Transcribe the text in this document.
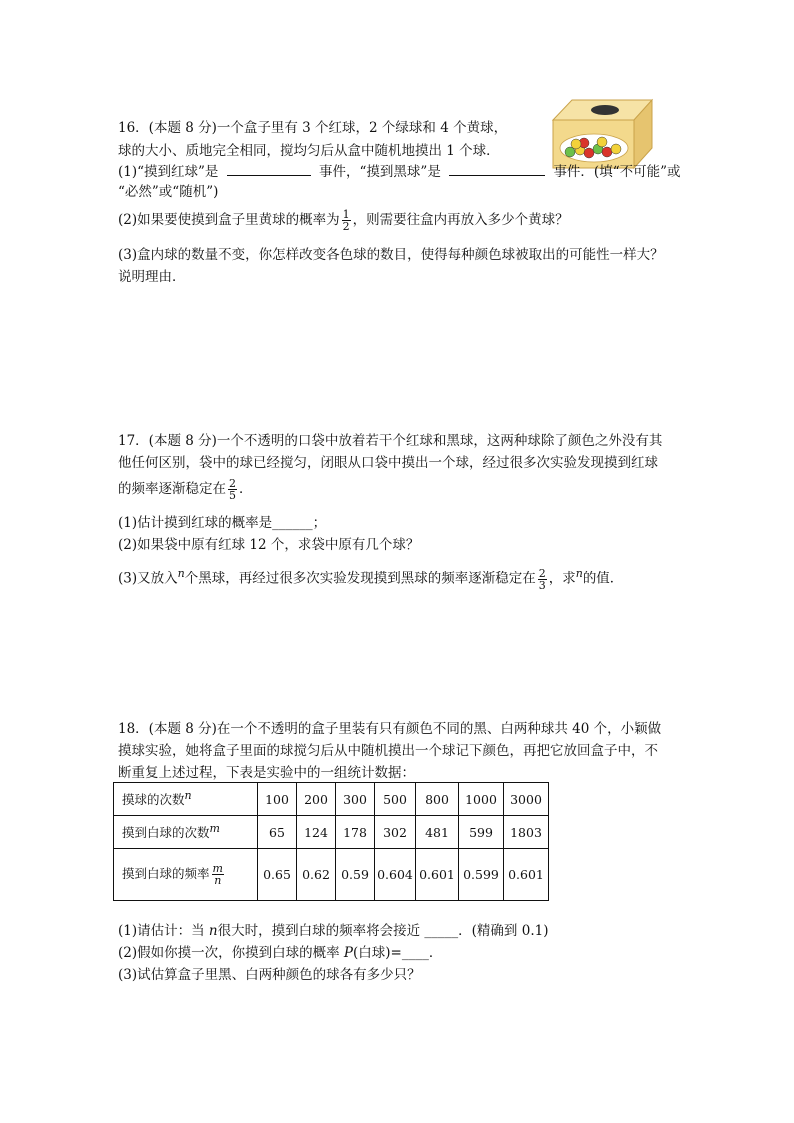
16．(本题 8 分)一个盒子里有 3 个红球，2 个绿球和 4 个黄球，
球的大小、质地完全相同，搅均匀后从盒中随机地摸出 1 个球．
(1)“摸到红球”是	事件，“摸到黑球”是	事件．(填“不可能”或
“必然”或“随机”)
(2)如果要使摸到盒子里黄球的概率为 $\frac{1}{2}$ ，则需要往盒内再放入多少个黄球？
(3)盒内球的数量不变，你怎样改变各色球的数目，使得每种颜色球被取出的可能性一样大？
说明理由．
17．(本题 8 分)一个不透明的口袋中放着若干个红球和黑球，这两种球除了颜色之外没有其
他任何区别，袋中的球已经搅匀，闭眼从口袋中摸出一个球，经过很多次实验发现摸到红球
的频率逐渐稳定在 $\frac{2}{5}$ ．
(1)估计摸到红球的概率是______；
(2)如果袋中原有红球 12 个，求袋中原有几个球？
(3)又放入$^n$个黑球，再经过很多次实验发现摸到黑球的频率逐渐稳定在 $\frac{2}{3}$ ，求$^n$的值．
18．(本题 8 分)在一个不透明的盒子里装有只有颜色不同的黑、白两种球共 40 个，小颖做
摸球实验，她将盒子里面的球搅匀后从中随机摸出一个球记下颜色，再把它放回盒子中，不
断重复上述过程，下表是实验中的一组统计数据：
摸球的次数n	100	200	300	500	800	1000	3000
摸到白球的次数m	65	124	178	302	481	599	1803
摸到白球的频率 $\frac{m}{n}$	0.65	0.62	0.59	0.604	0.601	0.599	0.601
(1)请估计：当 n很大时，摸到白球的频率将会接近 _____．(精确到 0.1)
(2)假如你摸一次，你摸到白球的概率 P(白球)=____．
(3)试估算盒子里黑、白两种颜色的球各有多少只？
